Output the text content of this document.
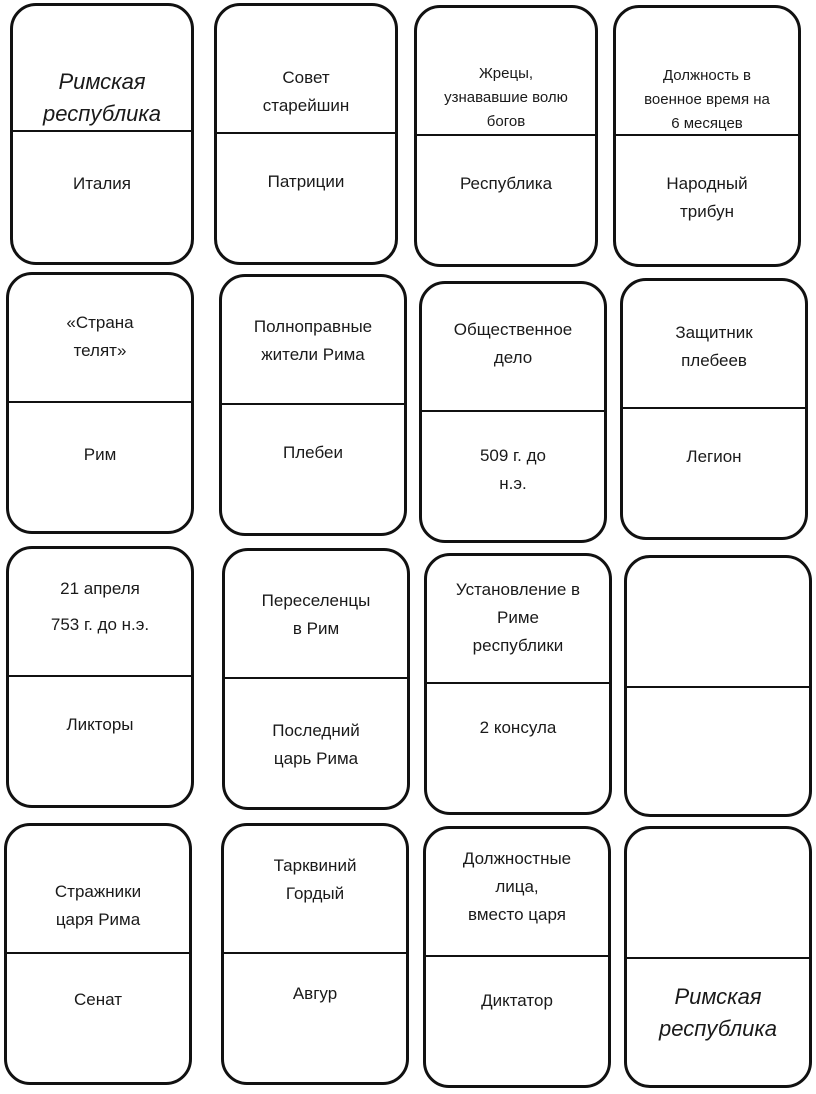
Римская
республика
Италия
Совет
старейшин
Патриции
Жрецы,
узнававшие волю
богов
Республика
Должность в
военное время на
6 месяцев
Народный
трибун
«Страна
телят»
Рим
Полноправные
жители Рима
Плебеи
Общественное
дело
509 г. до
н.э.
Защитник
плебеев
Легион
21 апреля
753 г. до н.э.
Ликторы
Переселенцы
в Рим
Последний
царь Рима
Установление в
Риме
республики
2 консула
Стражники
царя Рима
Сенат
Тарквиний
Гордый
Авгур
Должностные
лица,
вместо царя
Диктатор	Римская
республика
